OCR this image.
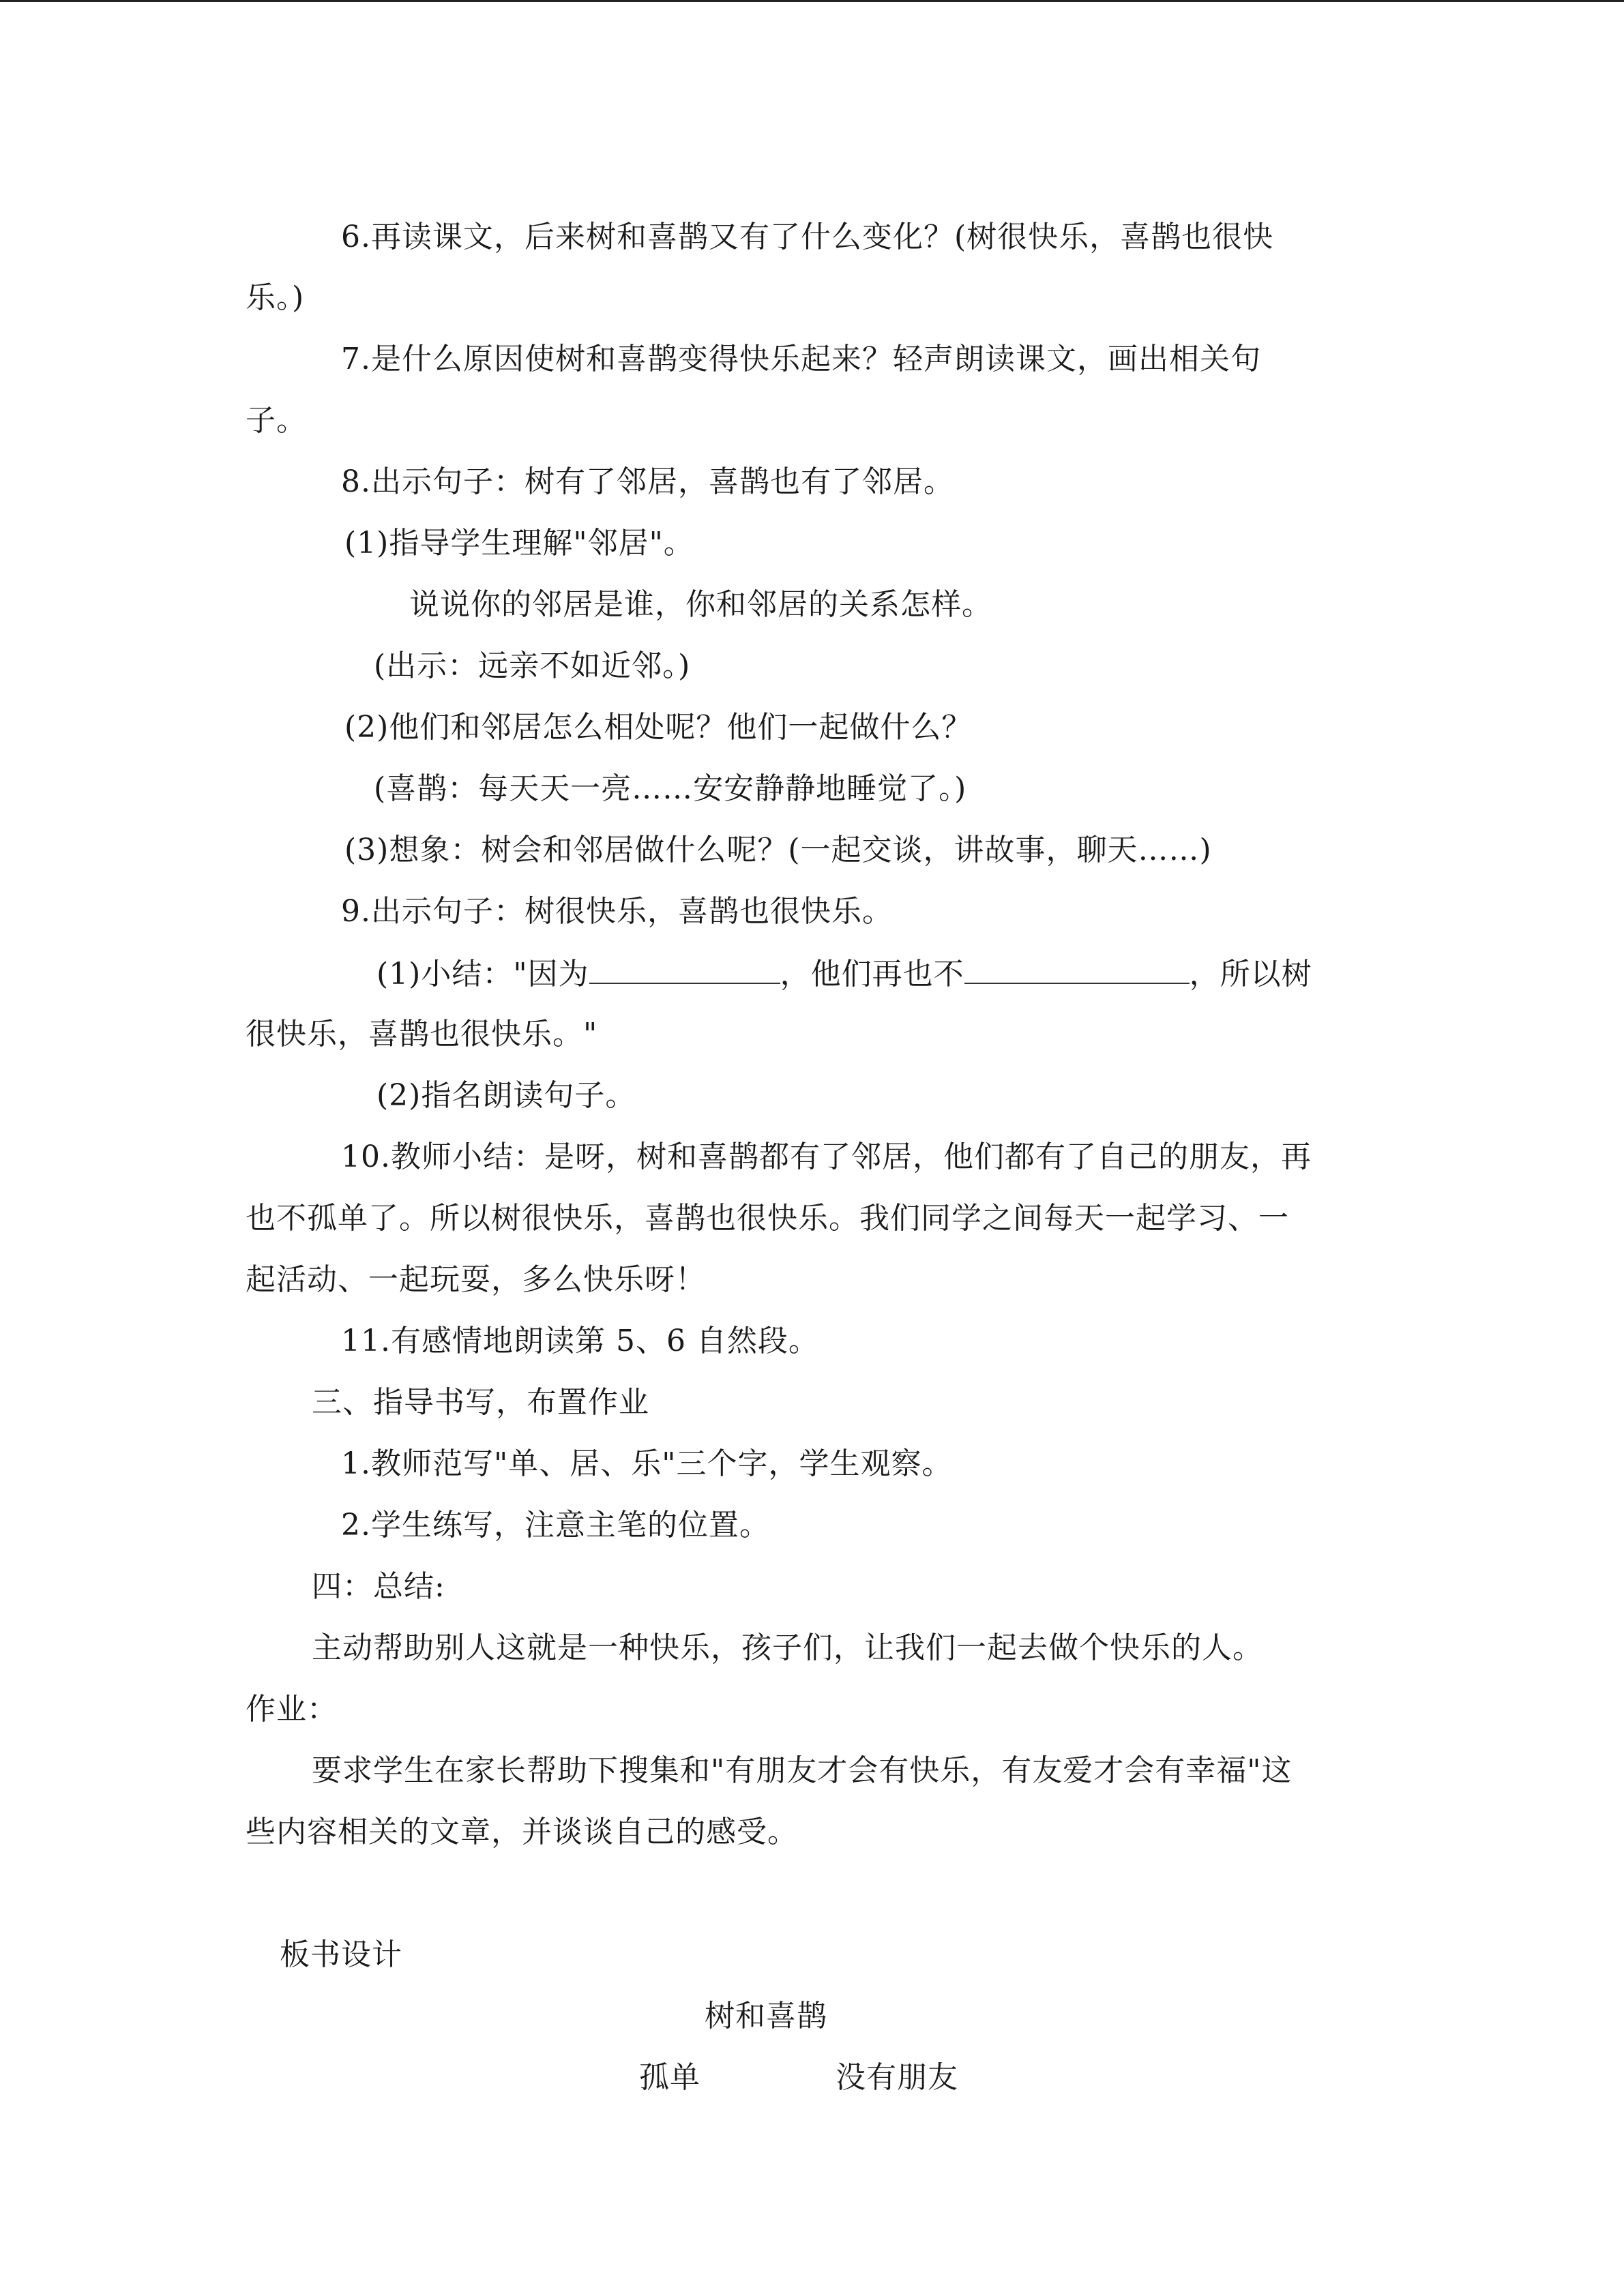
6.再读课文，后来树和喜鹊又有了什么变化？(树很快乐，喜鹊也很快
乐。)
7.是什么原因使树和喜鹊变得快乐起来？轻声朗读课文，画出相关句
子。
8.出示句子：树有了邻居，喜鹊也有了邻居。
(1)指导学生理解"邻居"。
说说你的邻居是谁，你和邻居的关系怎样。
(出示：远亲不如近邻。)
(2)他们和邻居怎么相处呢？他们一起做什么？
(喜鹊：每天天一亮……安安静静地睡觉了。)
(3)想象：树会和邻居做什么呢？(一起交谈，讲故事，聊天……)
9.出示句子：树很快乐，喜鹊也很快乐。
(1)小结："因为	，他们再也不	，所以树
很快乐，喜鹊也很快乐。"
(2)指名朗读句子。
10.教师小结：是呀，树和喜鹊都有了邻居，他们都有了自己的朋友，再
也不孤单了。所以树很快乐，喜鹊也很快乐。我们同学之间每天一起学习、一
起活动、一起玩耍，多么快乐呀！
11.有感情地朗读第 5、6 自然段。
三、指导书写，布置作业
1.教师范写"单、居、乐"三个字，学生观察。
2.学生练写，注意主笔的位置。
四：总结:
主动帮助别人这就是一种快乐，孩子们，让我们一起去做个快乐的人。
作业：
要求学生在家长帮助下搜集和"有朋友才会有快乐，有友爱才会有幸福"这
些内容相关的文章，并谈谈自己的感受。
板书设计
树和喜鹊
孤单	没有朋友
